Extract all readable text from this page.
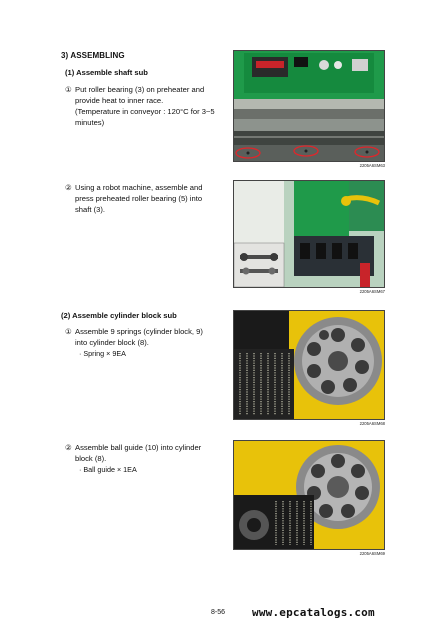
3) ASSEMBLING
(1) Assemble shaft sub
① Put roller bearing (3) on preheater and
provide heat to inner race.
(Temperature in conveyor : 120°C for 3~5
minutes)
2205A6SM63
② Using a robot machine, assemble and
press preheated roller bearing (5) into
shaft (3).
2205A6SM67
(2) Assemble cylinder block sub
① Assemble 9 springs (cylinder block, 9)
into cylinder block (8).
· Spring × 9EA
2205A6SM68
② Assemble ball guide (10) into cylinder
block (8).
· Ball guide × 1EA
2205A6SM69
8-56 www.epcatalogs.com
